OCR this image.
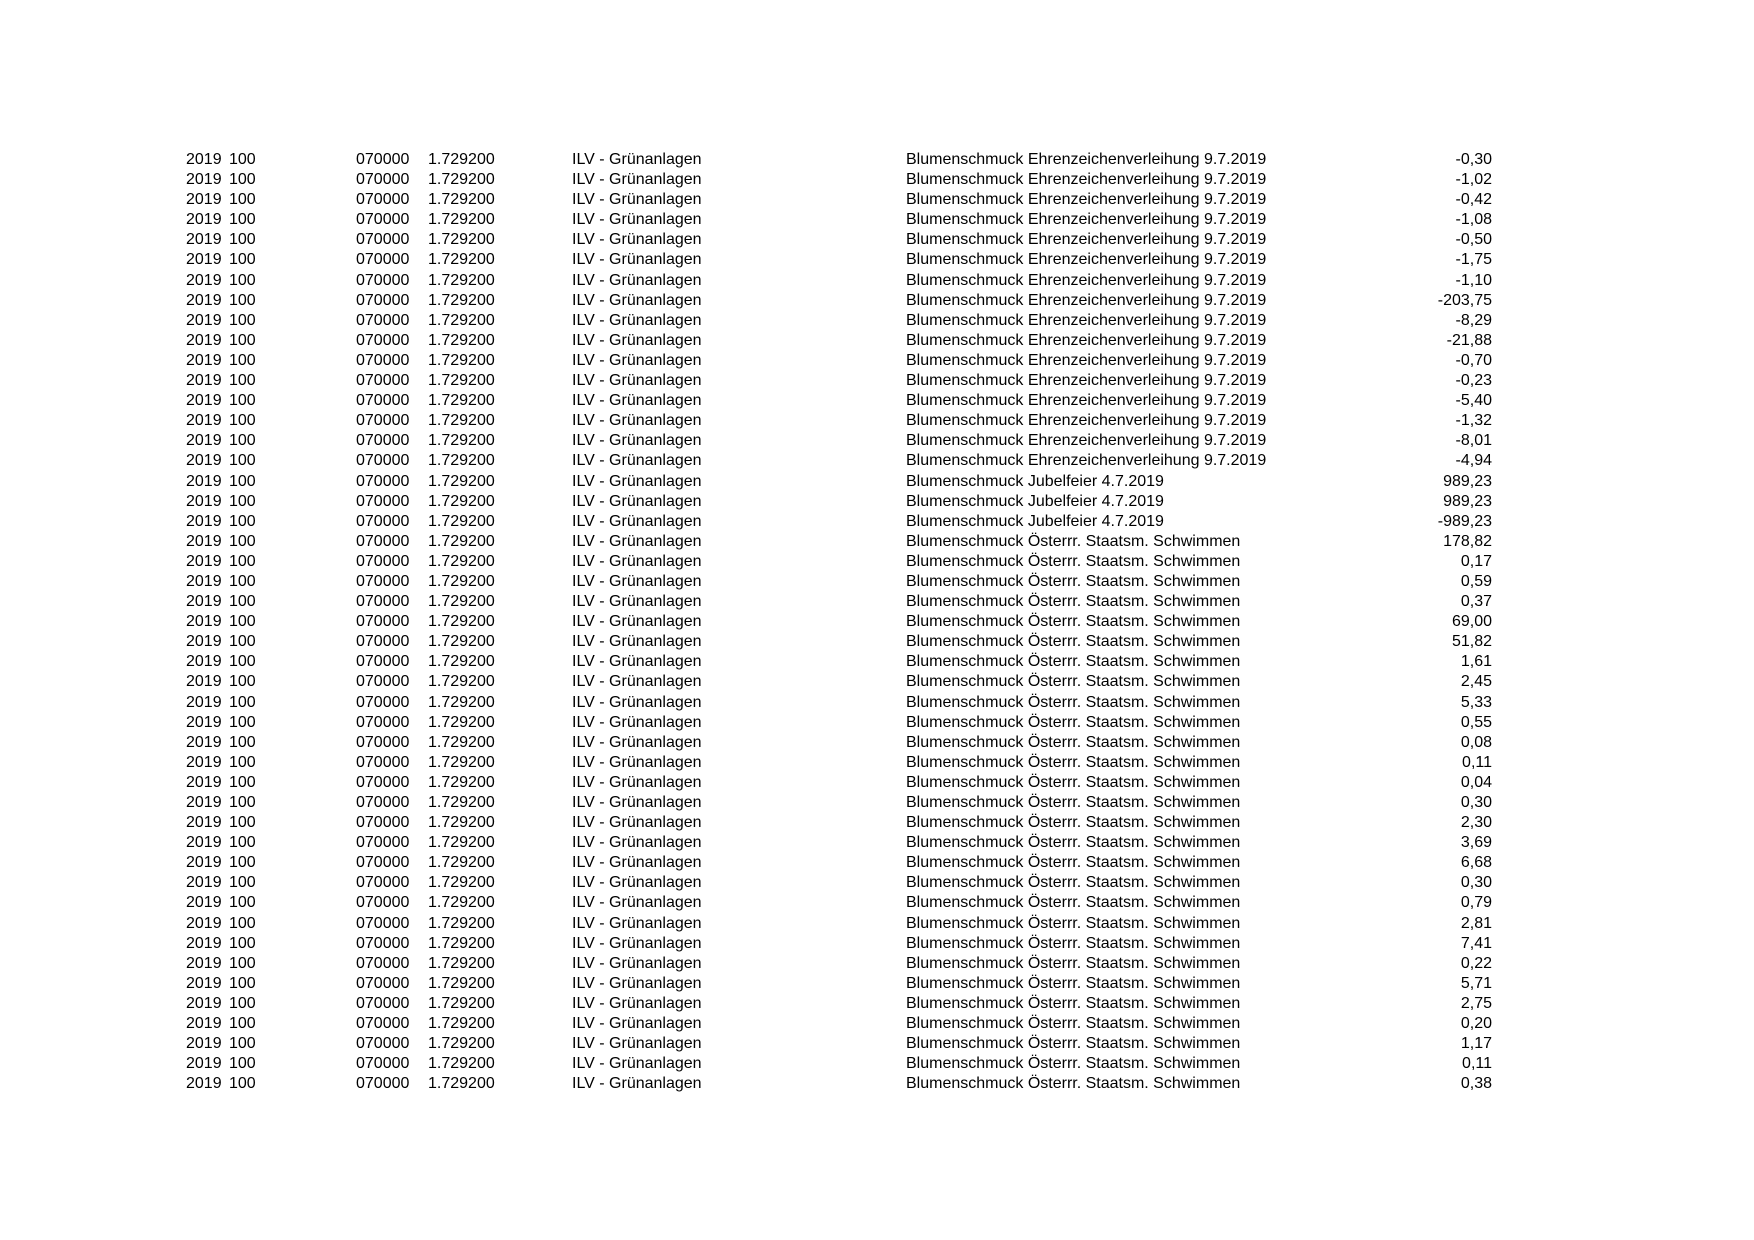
2019 100	070000 1.729200	ILV - Grünanlagen	Blumenschmuck Ehrenzeichenverleihung 9.7.2019	-0,30
2019 100	070000 1.729200	ILV - Grünanlagen	Blumenschmuck Ehrenzeichenverleihung 9.7.2019	-1,02
2019 100	070000 1.729200	ILV - Grünanlagen	Blumenschmuck Ehrenzeichenverleihung 9.7.2019	-0,42
2019 100	070000 1.729200	ILV - Grünanlagen	Blumenschmuck Ehrenzeichenverleihung 9.7.2019	-1,08
2019 100	070000 1.729200	ILV - Grünanlagen	Blumenschmuck Ehrenzeichenverleihung 9.7.2019	-0,50
2019 100	070000 1.729200	ILV - Grünanlagen	Blumenschmuck Ehrenzeichenverleihung 9.7.2019	-1,75
2019 100	070000 1.729200	ILV - Grünanlagen	Blumenschmuck Ehrenzeichenverleihung 9.7.2019	-1,10
2019 100	070000 1.729200	ILV - Grünanlagen	Blumenschmuck Ehrenzeichenverleihung 9.7.2019	-203,75
2019 100	070000 1.729200	ILV - Grünanlagen	Blumenschmuck Ehrenzeichenverleihung 9.7.2019	-8,29
2019 100	070000 1.729200	ILV - Grünanlagen	Blumenschmuck Ehrenzeichenverleihung 9.7.2019	-21,88
2019 100	070000 1.729200	ILV - Grünanlagen	Blumenschmuck Ehrenzeichenverleihung 9.7.2019	-0,70
2019 100	070000 1.729200	ILV - Grünanlagen	Blumenschmuck Ehrenzeichenverleihung 9.7.2019	-0,23
2019 100	070000 1.729200	ILV - Grünanlagen	Blumenschmuck Ehrenzeichenverleihung 9.7.2019	-5,40
2019 100	070000 1.729200	ILV - Grünanlagen	Blumenschmuck Ehrenzeichenverleihung 9.7.2019	-1,32
2019 100	070000 1.729200	ILV - Grünanlagen	Blumenschmuck Ehrenzeichenverleihung 9.7.2019	-8,01
2019 100	070000 1.729200	ILV - Grünanlagen	Blumenschmuck Ehrenzeichenverleihung 9.7.2019	-4,94
2019 100	070000 1.729200	ILV - Grünanlagen	Blumenschmuck Jubelfeier 4.7.2019	989,23
2019 100	070000 1.729200	ILV - Grünanlagen	Blumenschmuck Jubelfeier 4.7.2019	989,23
2019 100	070000 1.729200	ILV - Grünanlagen	Blumenschmuck Jubelfeier 4.7.2019	-989,23
2019 100	070000 1.729200	ILV - Grünanlagen	Blumenschmuck Österrr. Staatsm. Schwimmen	178,82
2019 100	070000 1.729200	ILV - Grünanlagen	Blumenschmuck Österrr. Staatsm. Schwimmen	0,17
2019 100	070000 1.729200	ILV - Grünanlagen	Blumenschmuck Österrr. Staatsm. Schwimmen	0,59
2019 100	070000 1.729200	ILV - Grünanlagen	Blumenschmuck Österrr. Staatsm. Schwimmen	0,37
2019 100	070000 1.729200	ILV - Grünanlagen	Blumenschmuck Österrr. Staatsm. Schwimmen	69,00
2019 100	070000 1.729200	ILV - Grünanlagen	Blumenschmuck Österrr. Staatsm. Schwimmen	51,82
2019 100	070000 1.729200	ILV - Grünanlagen	Blumenschmuck Österrr. Staatsm. Schwimmen	1,61
2019 100	070000 1.729200	ILV - Grünanlagen	Blumenschmuck Österrr. Staatsm. Schwimmen	2,45
2019 100	070000 1.729200	ILV - Grünanlagen	Blumenschmuck Österrr. Staatsm. Schwimmen	5,33
2019 100	070000 1.729200	ILV - Grünanlagen	Blumenschmuck Österrr. Staatsm. Schwimmen	0,55
2019 100	070000 1.729200	ILV - Grünanlagen	Blumenschmuck Österrr. Staatsm. Schwimmen	0,08
2019 100	070000 1.729200	ILV - Grünanlagen	Blumenschmuck Österrr. Staatsm. Schwimmen	0,11
2019 100	070000 1.729200	ILV - Grünanlagen	Blumenschmuck Österrr. Staatsm. Schwimmen	0,04
2019 100	070000 1.729200	ILV - Grünanlagen	Blumenschmuck Österrr. Staatsm. Schwimmen	0,30
2019 100	070000 1.729200	ILV - Grünanlagen	Blumenschmuck Österrr. Staatsm. Schwimmen	2,30
2019 100	070000 1.729200	ILV - Grünanlagen	Blumenschmuck Österrr. Staatsm. Schwimmen	3,69
2019 100	070000 1.729200	ILV - Grünanlagen	Blumenschmuck Österrr. Staatsm. Schwimmen	6,68
2019 100	070000 1.729200	ILV - Grünanlagen	Blumenschmuck Österrr. Staatsm. Schwimmen	0,30
2019 100	070000 1.729200	ILV - Grünanlagen	Blumenschmuck Österrr. Staatsm. Schwimmen	0,79
2019 100	070000 1.729200	ILV - Grünanlagen	Blumenschmuck Österrr. Staatsm. Schwimmen	2,81
2019 100	070000 1.729200	ILV - Grünanlagen	Blumenschmuck Österrr. Staatsm. Schwimmen	7,41
2019 100	070000 1.729200	ILV - Grünanlagen	Blumenschmuck Österrr. Staatsm. Schwimmen	0,22
2019 100	070000 1.729200	ILV - Grünanlagen	Blumenschmuck Österrr. Staatsm. Schwimmen	5,71
2019 100	070000 1.729200	ILV - Grünanlagen	Blumenschmuck Österrr. Staatsm. Schwimmen	2,75
2019 100	070000 1.729200	ILV - Grünanlagen	Blumenschmuck Österrr. Staatsm. Schwimmen	0,20
2019 100	070000 1.729200	ILV - Grünanlagen	Blumenschmuck Österrr. Staatsm. Schwimmen	1,17
2019 100	070000 1.729200	ILV - Grünanlagen	Blumenschmuck Österrr. Staatsm. Schwimmen	0,11
2019 100	070000 1.729200	ILV - Grünanlagen	Blumenschmuck Österrr. Staatsm. Schwimmen	0,38
